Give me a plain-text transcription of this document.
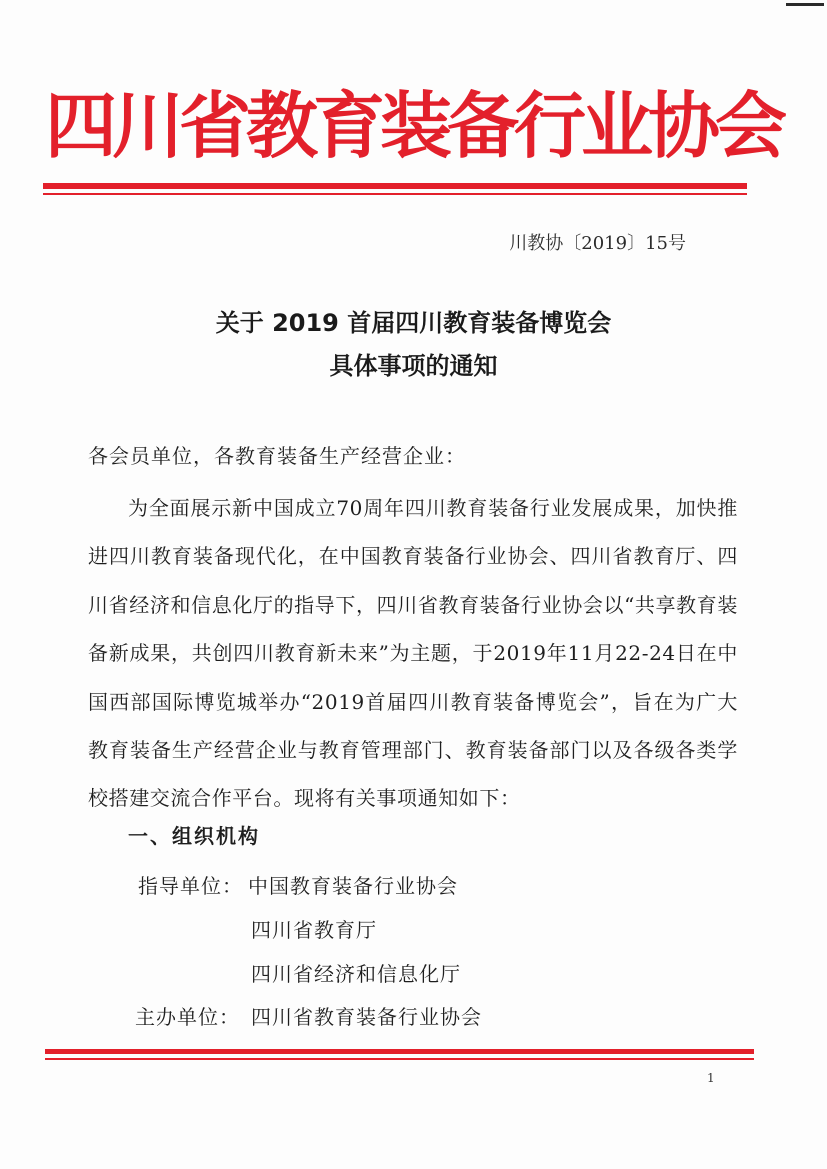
四川省教育装备行业协会
川教协〔2019〕15号
关于 2019 首届四川教育装备博览会
具体事项的通知
各会员单位，各教育装备生产经营企业：

为全面展示新中国成立70周年四川教育装备行业发展成果，加快推进四川教育装备现代化，在中国教育装备行业协会、四川省教育厅、四川省经济和信息化厅的指导下，四川省教育装备行业协会以“共享教育装备新成果，共创四川教育新未来”为主题，于2019年11月22-24日在中国西部国际博览城举办“2019首届四川教育装备博览会”，旨在为广大教育装备生产经营企业与教育管理部门、教育装备部门以及各级各类学校搭建交流合作平台。现将有关事项通知如下：

一、组织机构
指导单位： 中国教育装备行业协会
四川省教育厅
四川省经济和信息化厅
主办单位： 四川省教育装备行业协会
1
